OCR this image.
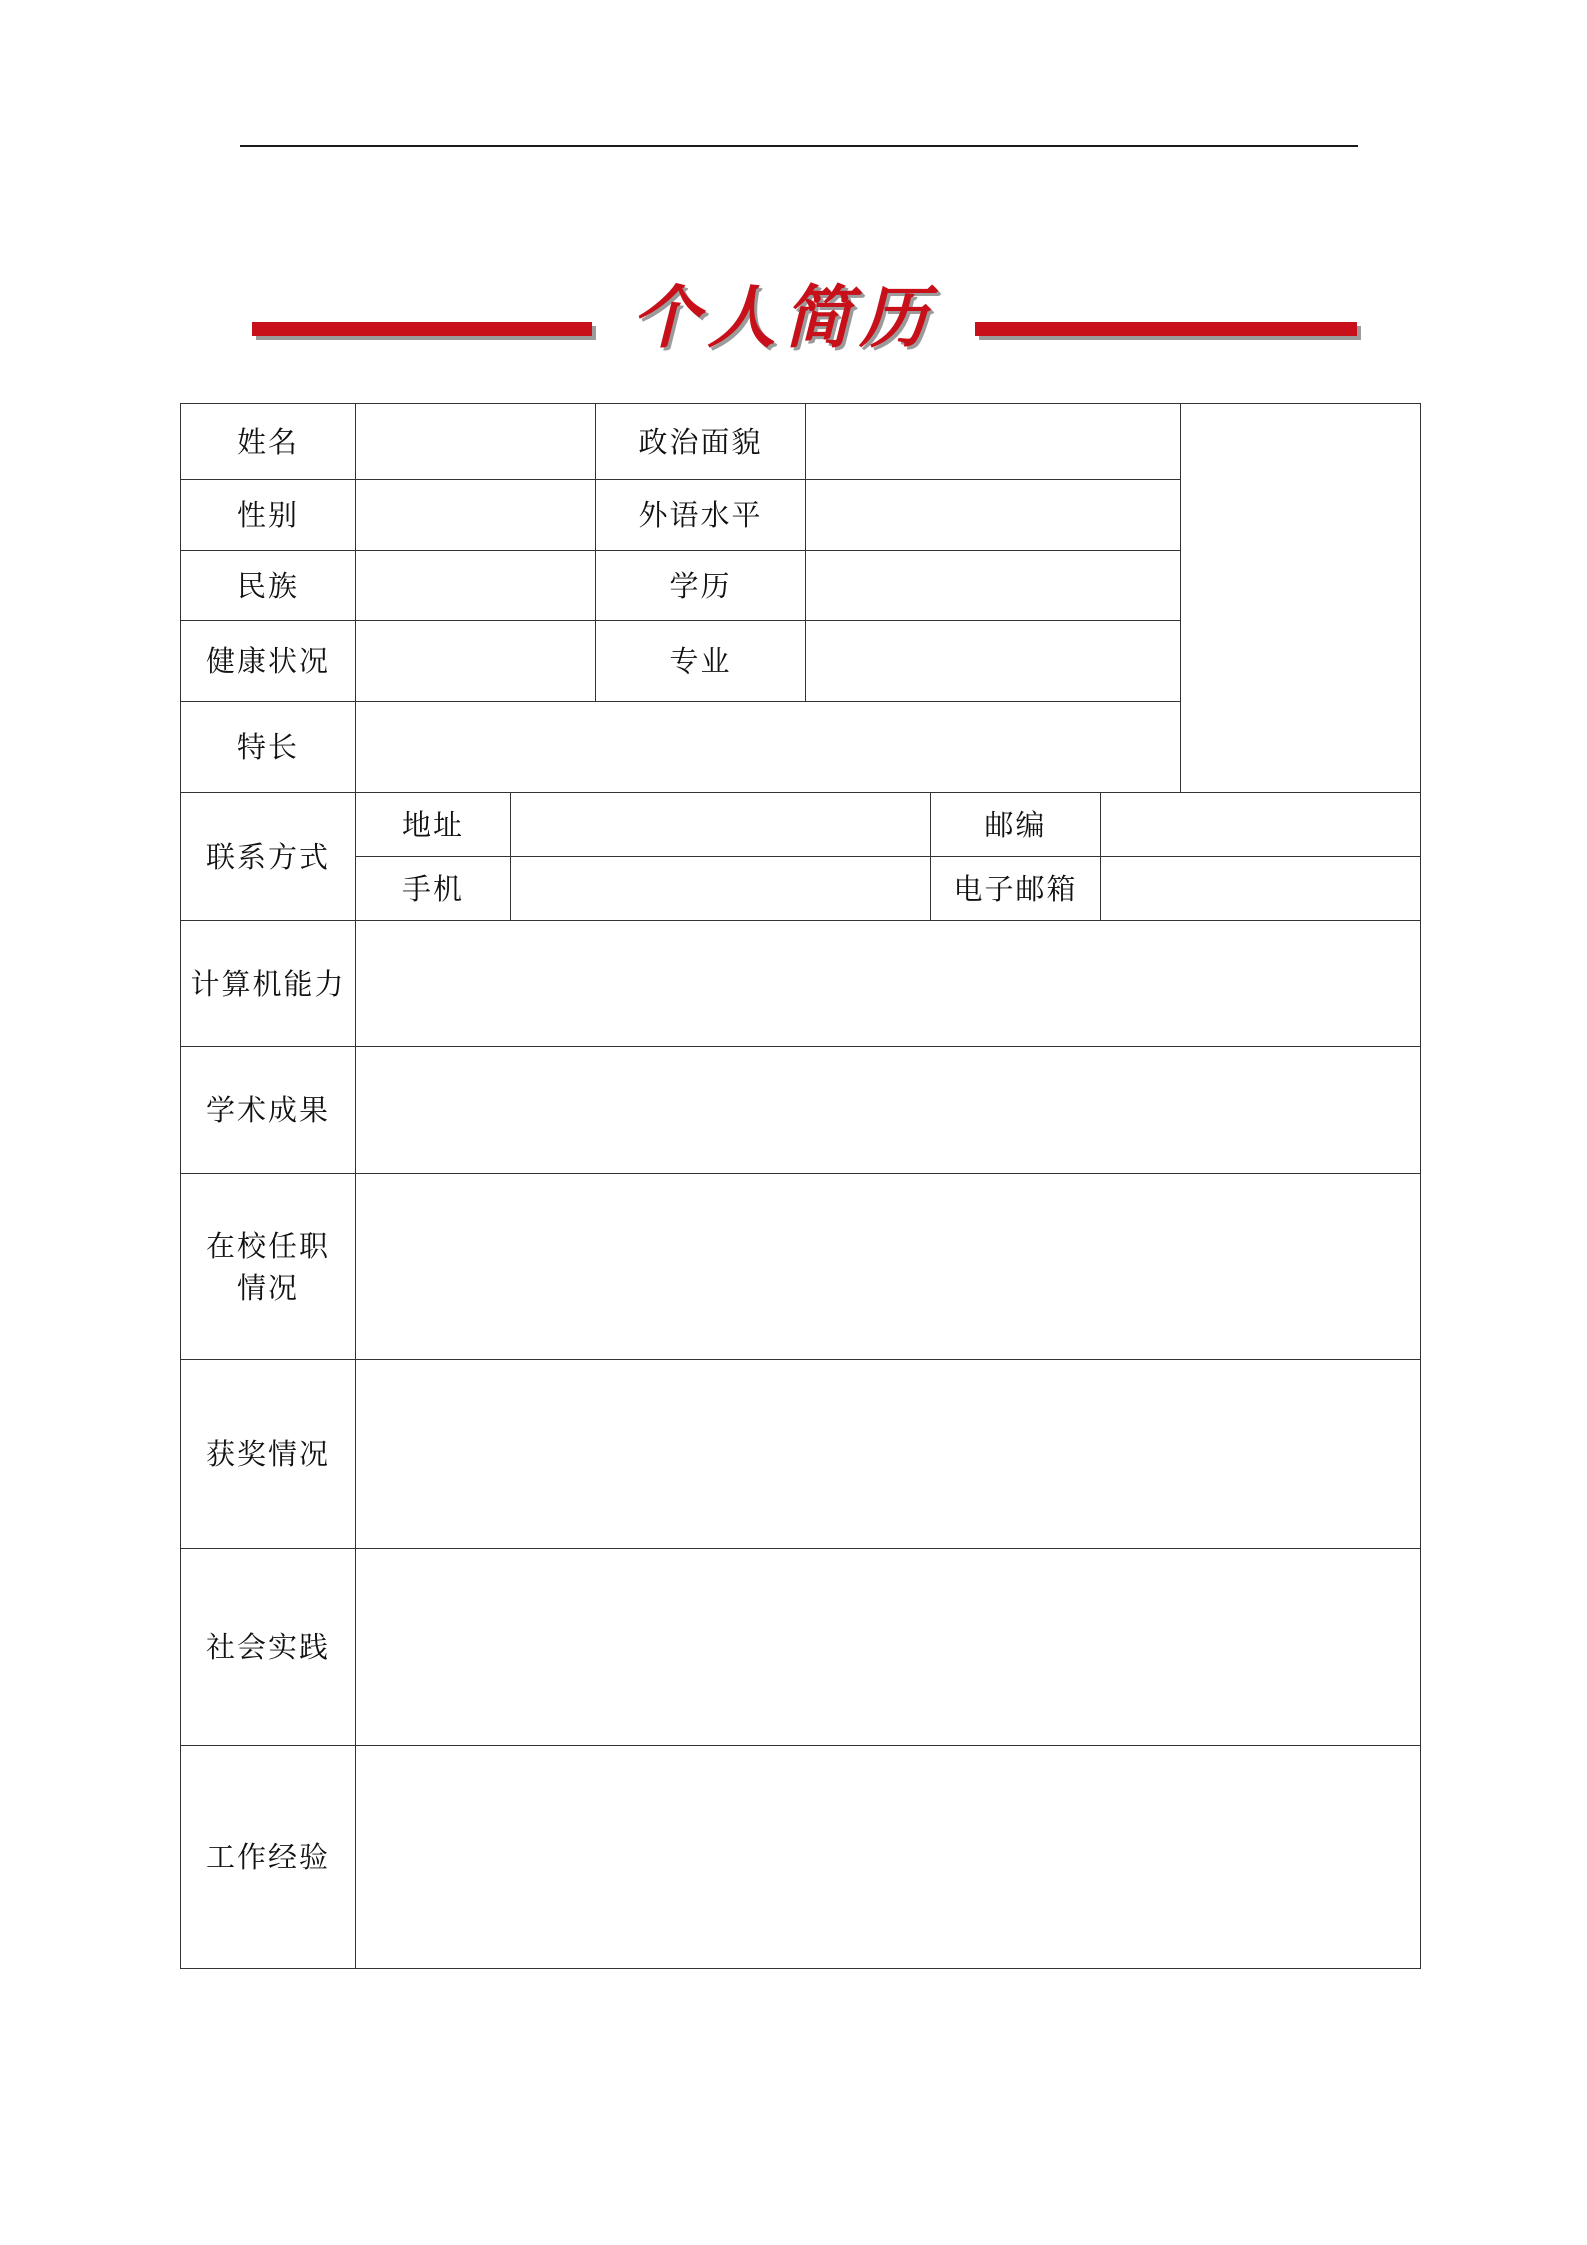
个人简历
姓名			政治面貌				
性别			外语水平				
民族			学历				
健康状况			专业				
特长							
联系方式	地址				邮编		
	手机				电子邮箱		
计算机能力							
学术成果							

在校任职
情况							

获奖情况							
社会实践							
工作经验							
